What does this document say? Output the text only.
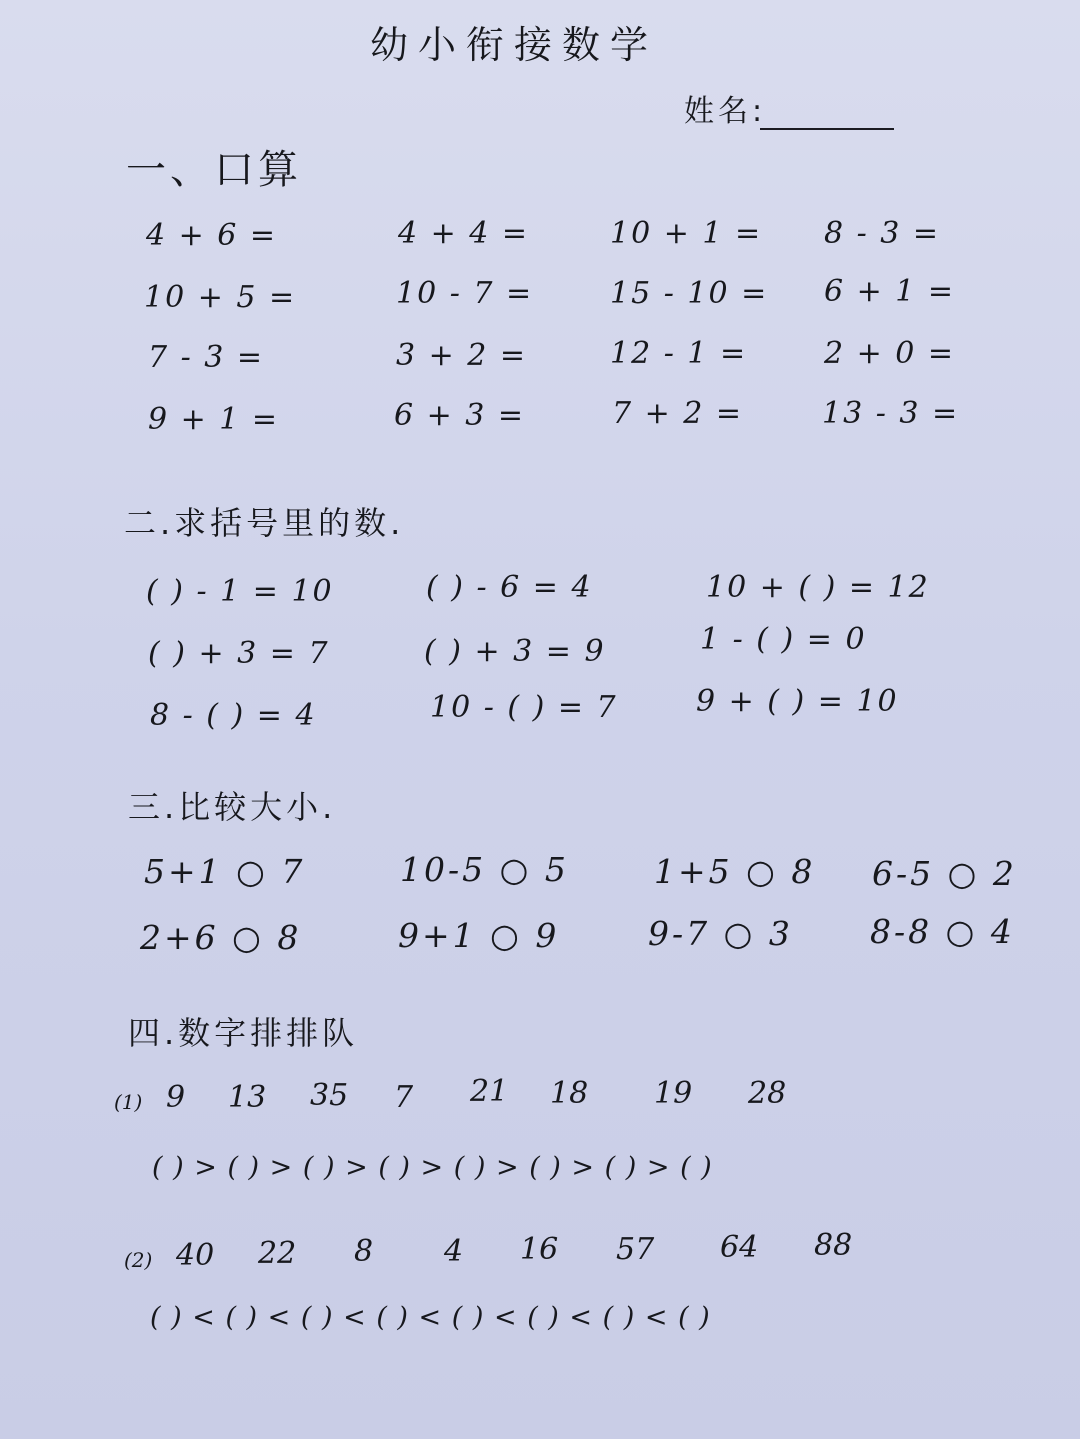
幼小衔接数学
姓名:
一、口算
4 + 6 =	4 + 4 =	10 + 1 = 8 - 3 =
10 + 5 =	10 - 7 =	15 - 10 = 6 + 1 =
7 - 3 =	3 + 2 =	12 - 1 =	2 + 0 =
9 + 1 =	6 + 3 =	7 + 2 =	13 - 3 =
二.求括号里的数.
( ) - 1 = 10	( ) - 6 = 4	10 + ( ) = 12
( ) + 3 = 7	( ) + 3 = 9	1 - ( ) = 0
8 - ( ) = 4	10 - ( ) = 7	9 + ( ) = 10
三.比较大小.
5+1 ○ 7	10-5 ○ 5	1+5 ○ 8 6-5 ○ 2
2+6 ○ 8	9+1 ○ 9	9-7 ○ 3 8-8 ○ 4
四.数字排排队
(1) 9 13 35 7 21 18 19 28
( ) > ( ) > ( ) > ( ) > ( ) > ( ) > ( ) > ( )
(2) 40 22 8 4 16 57 64 88
( ) < ( ) < ( ) < ( ) < ( ) < ( ) < ( ) < ( )
